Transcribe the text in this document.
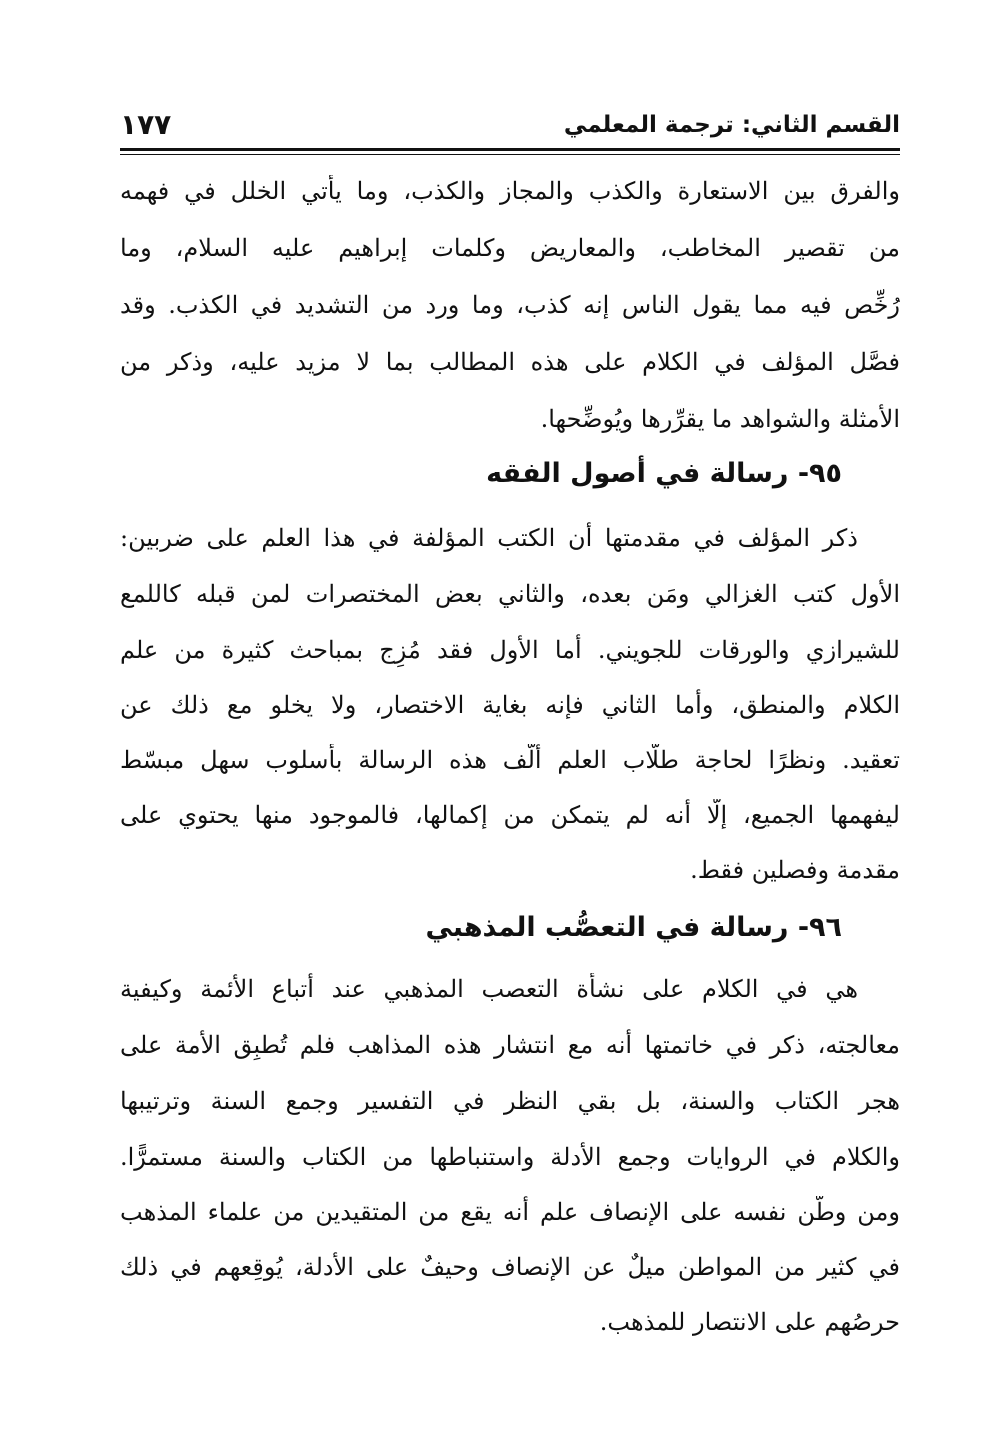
القسم الثاني: ترجمة المعلمي
١٧٧
والفرق بين الاستعارة والكذب والمجاز والكذب، وما يأتي الخلل في فهمه
من تقصير المخاطب، والمعاريض وكلمات إبراهيم عليه السلام، وما
رُخِّص فيه مما يقول الناس إنه كذب، وما ورد من التشديد في الكذب. وقد
فصَّل المؤلف في الكلام على هذه المطالب بما لا مزيد عليه، وذكر من
الأمثلة والشواهد ما يقرِّرها ويُوضِّحها.
٩٥- رسالة في أصول الفقه
ذكر المؤلف في مقدمتها أن الكتب المؤلفة في هذا العلم على ضربين:
الأول كتب الغزالي ومَن بعده، والثاني بعض المختصرات لمن قبله كاللمع
للشيرازي والورقات للجويني. أما الأول فقد مُزِج بمباحث كثيرة من علم
الكلام والمنطق، وأما الثاني فإنه بغاية الاختصار، ولا يخلو مع ذلك عن
تعقيد. ونظرًا لحاجة طلّاب العلم ألّف هذه الرسالة بأسلوب سهل مبسّط
ليفهمها الجميع، إلّا أنه لم يتمكن من إكمالها، فالموجود منها يحتوي على
مقدمة وفصلين فقط.
٩٦- رسالة في التعصُّب المذهبي
هي في الكلام على نشأة التعصب المذهبي عند أتباع الأئمة وكيفية
معالجته، ذكر في خاتمتها أنه مع انتشار هذه المذاهب فلم تُطبِق الأمة على
هجر الكتاب والسنة، بل بقي النظر في التفسير وجمع السنة وترتيبها
والكلام في الروايات وجمع الأدلة واستنباطها من الكتاب والسنة مستمرًّا.
ومن وطَّن نفسه على الإنصاف علم أنه يقع من المتقيدين من علماء المذهب
في كثير من المواطن ميلٌ عن الإنصاف وحيفٌ على الأدلة، يُوقِعهم في ذلك
حرصُهم على الانتصار للمذهب.
